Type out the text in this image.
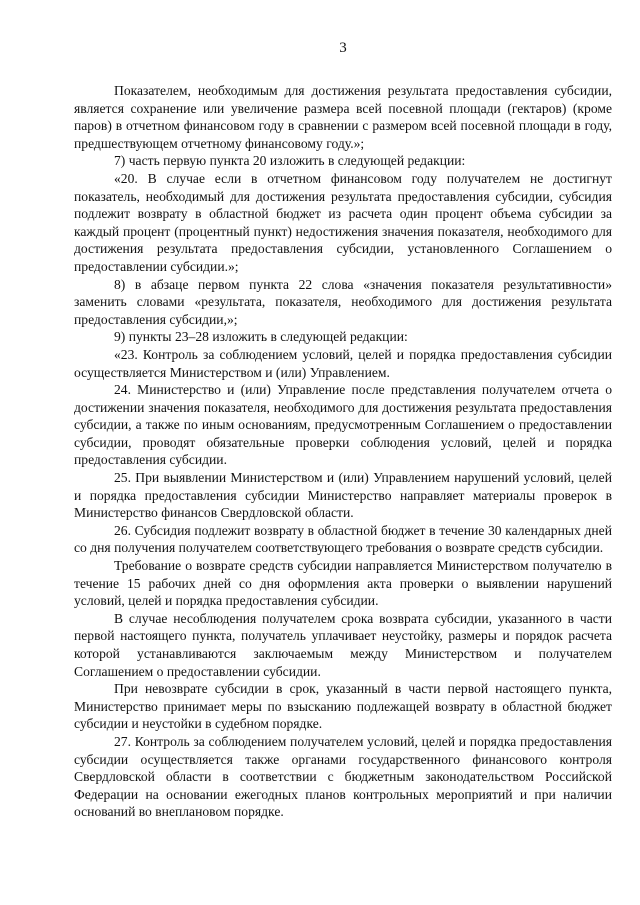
3

Показателем, необходимым для достижения результата предоставления субсидии, является сохранение или увеличение размера всей посевной площади (гектаров) (кроме паров) в отчетном финансовом году в сравнении с размером всей посевной площади в году, предшествующем отчетному финансовому году.»;

7) часть первую пункта 20 изложить в следующей редакции:

«20. В случае если в отчетном финансовом году получателем не достигнут показатель, необходимый для достижения результата предоставления субсидии, субсидия подлежит возврату в областной бюджет из расчета один процент объема субсидии за каждый процент (процентный пункт) недостижения значения показателя, необходимого для достижения результата предоставления субсидии, установленного Соглашением о предоставлении субсидии.»;

8) в абзаце первом пункта 22 слова «значения показателя результативности» заменить словами «результата, показателя, необходимого для достижения результата предоставления субсидии,»;

9) пункты 23–28 изложить в следующей редакции:

«23. Контроль за соблюдением условий, целей и порядка предоставления субсидии осуществляется Министерством и (или) Управлением.

24. Министерство и (или) Управление после представления получателем отчета о достижении значения показателя, необходимого для достижения результата предоставления субсидии, а также по иным основаниям, предусмотренным Соглашением о предоставлении субсидии, проводят обязательные проверки соблюдения условий, целей и порядка предоставления субсидии.

25. При выявлении Министерством и (или) Управлением нарушений условий, целей и порядка предоставления субсидии Министерство направляет материалы проверок в Министерство финансов Свердловской области.

26. Субсидия подлежит возврату в областной бюджет в течение 30 календарных дней со дня получения получателем соответствующего требования о возврате средств субсидии.

Требование о возврате средств субсидии направляется Министерством получателю в течение 15 рабочих дней со дня оформления акта проверки о выявлении нарушений условий, целей и порядка предоставления субсидии.

В случае несоблюдения получателем срока возврата субсидии, указанного в части первой настоящего пункта, получатель уплачивает неустойку, размеры и порядок расчета которой устанавливаются заключаемым между Министерством и получателем Соглашением о предоставлении субсидии.

При невозврате субсидии в срок, указанный в части первой настоящего пункта, Министерство принимает меры по взысканию подлежащей возврату в областной бюджет субсидии и неустойки в судебном порядке.

27. Контроль за соблюдением получателем условий, целей и порядка предоставления субсидии осуществляется также органами государственного финансового контроля Свердловской области в соответствии с бюджетным законодательством Российской Федерации на основании ежегодных планов контрольных мероприятий и при наличии оснований во внеплановом порядке.
